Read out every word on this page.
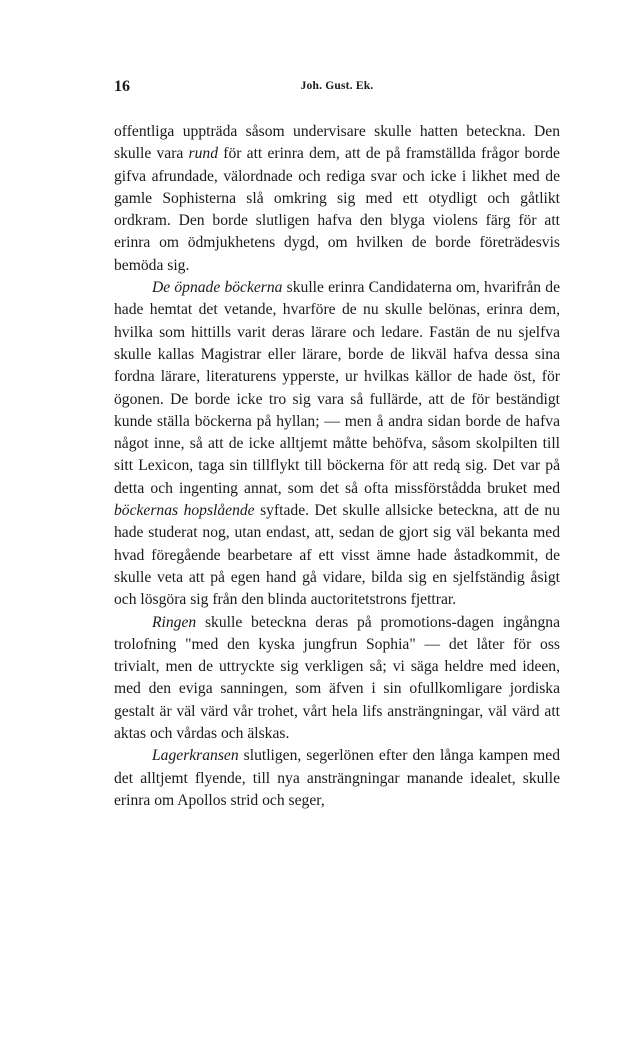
16	Joh. Gust. Ek.

offentliga uppträda såsom undervisare skulle hatten beteckna. Den skulle vara rund för att erinra dem, att de på framställda frågor borde gifva afrundade, välordnade och rediga svar och icke i likhet med de gamle Sophisterna slå omkring sig med ett otydligt och gåtlikt ordkram. Den borde slutligen hafva den blyga violens färg för att erinra om ödmjukhetens dygd, om hvilken de borde företrädesvis bemöda sig.

De öpnade böckerna skulle erinra Candidaterna om, hvarifrån de hade hemtat det vetande, hvarföre de nu skulle belönas, erinra dem, hvilka som hittills varit deras lärare och ledare. Fastän de nu sjelfva skulle kallas Magistrar eller lärare, borde de likväl hafva dessa sina fordna lärare, literaturens ypperste, ur hvilkas källor de hade öst, för ögonen. De borde icke tro sig vara så fullärde, att de för beständigt kunde ställa böckerna på hyllan; — men å andra sidan borde de hafva något inne, så att de icke alltjemt måtte behöfva, såsom skolpilten till sitt Lexicon, taga sin tillflykt till böckerna för att redą sig. Det var på detta och ingenting annat, som det så ofta missförstådda bruket med böckernas hopslående syftade. Det skulle allsicke beteckna, att de nu hade studerat nog, utan endast, att, sedan de gjort sig väl bekanta med hvad föregående bearbetare af ett visst ämne hade åstadkommit, de skulle veta att på egen hand gå vidare, bilda sig en sjelfständig åsigt och lösgöra sig från den blinda auctoritetstrons fjettrar.

Ringen skulle beteckna deras på promotions-dagen ingångna trolofning "med den kyska jungfrun Sophia" — det låter för oss trivialt, men de uttryckte sig verkligen så; vi säga heldre med ideen, med den eviga sanningen, som äfven i sin ofullkomligare jordiska gestalt är väl värd vår trohet, vårt hela lifs ansträngningar, väl värd att aktas och vårdas och älskas.

Lagerkransen slutligen, segerlönen efter den långa kampen med det alltjemt flyende, till nya ansträngningar manande idealet, skulle erinra om Apollos strid och seger,
